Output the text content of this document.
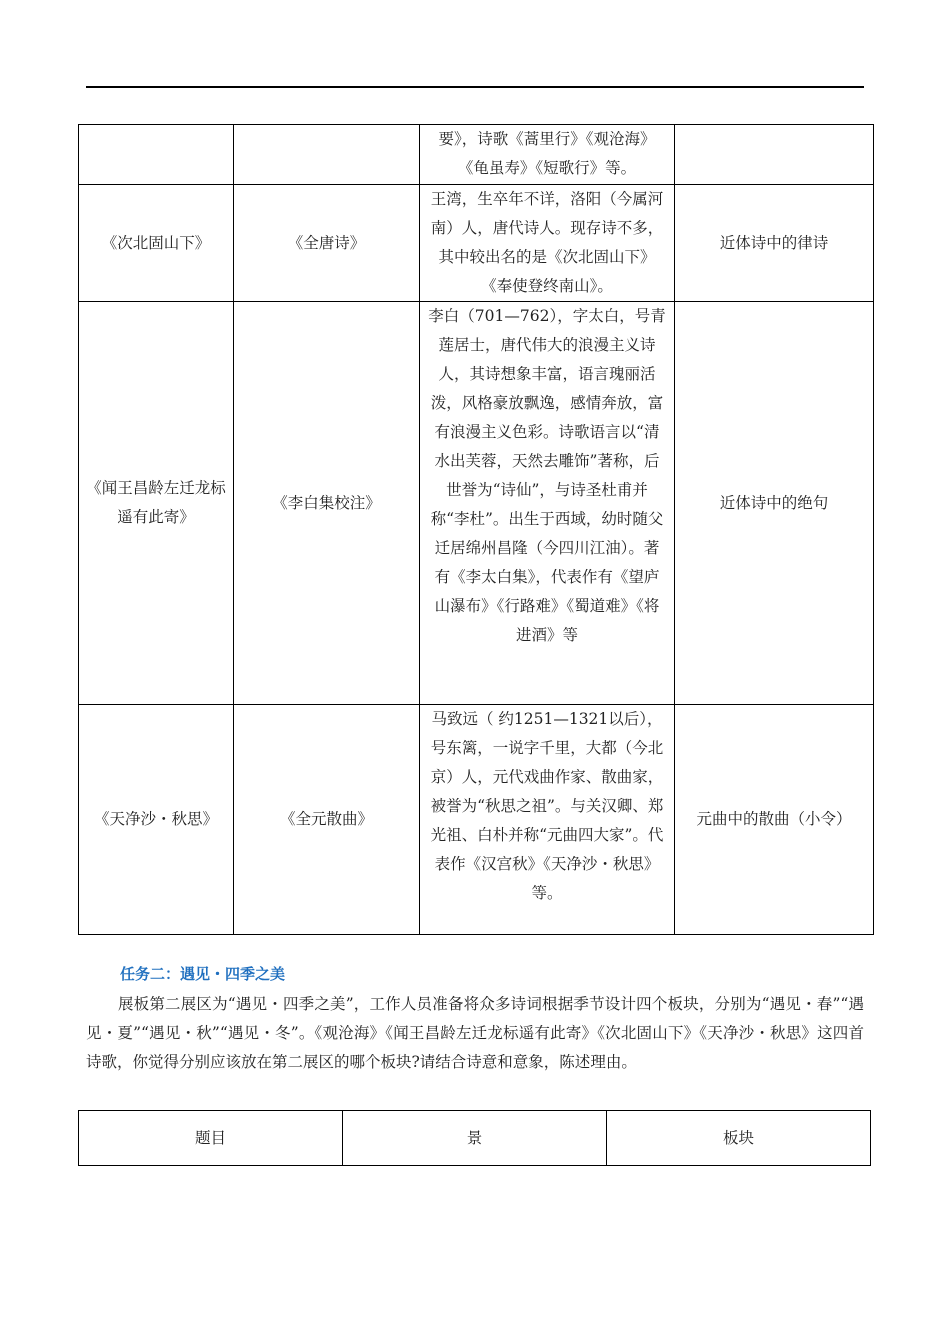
		要》，诗歌《蒿里行》《观沧海》《龟虽寿》《短歌行》等。	
《次北固山下》	《全唐诗》	王湾，生卒年不详，洛阳（今属河南）人，唐代诗人。现存诗不多，其中较出名的是《次北固山下》《奉使登终南山》。	近体诗中的律诗
《闻王昌龄左迁龙标遥有此寄》	《李白集校注》	李白（701—762），字太白，号青莲居士，唐代伟大的浪漫主义诗人，其诗想象丰富，语言瑰丽活泼，风格豪放飘逸，感情奔放，富有浪漫主义色彩。诗歌语言以“清水出芙蓉，天然去雕饰”著称，后世誉为“诗仙”，与诗圣杜甫并称“李杜”。出生于西域，幼时随父迁居绵州昌隆（今四川江油）。著有《李太白集》，代表作有《望庐山瀑布》《行路难》《蜀道难》《将进酒》等	近体诗中的绝句
《天净沙・秋思》	《全元散曲》	马致远（ 约1251—1321以后），号东篱，一说字千里，大都（今北京）人，元代戏曲作家、散曲家，被誉为“秋思之祖”。与关汉卿、郑光祖、白朴并称“元曲四大家”。代表作《汉宫秋》《天净沙・秋思》等。	元曲中的散曲（小令）
任务二：遇见・四季之美

展板第二展区为“遇见・四季之美”，工作人员准备将众多诗词根据季节设计四个板块，分别为“遇见・春”“遇见・夏”“遇见・秋”“遇见・冬”。《观沧海》《闻王昌龄左迁龙标遥有此寄》《次北固山下》《天净沙・秋思》这四首诗歌，你觉得分别应该放在第二展区的哪个板块?请结合诗意和意象，陈述理由。

题目	景	板块
